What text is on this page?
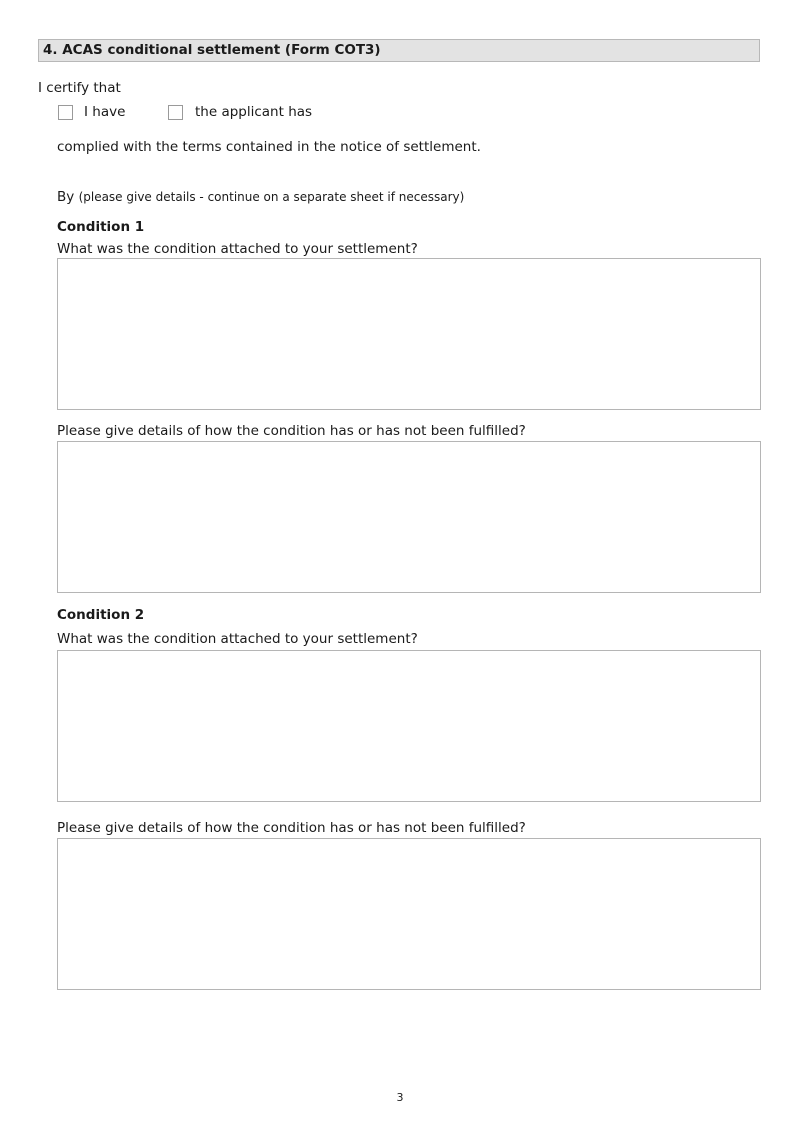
4. ACAS conditional settlement (Form COT3)
I certify that
I have	the applicant has
complied with the terms contained in the notice of settlement.
By (please give details - continue on a separate sheet if necessary)
Condition 1
What was the condition attached to your settlement?
Please give details of how the condition has or has not been fulfilled?
Condition 2
What was the condition attached to your settlement?
Please give details of how the condition has or has not been fulfilled?
3
